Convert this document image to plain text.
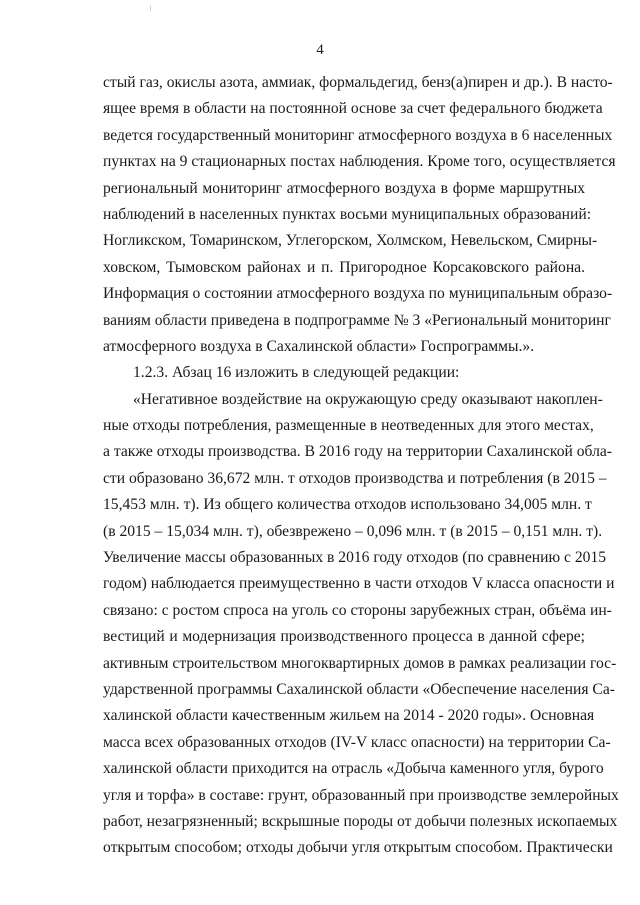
4
стый газ, окислы азота, аммиак, формальдегид, бенз(а)пирен и др.). В насто-
ящее время в области на постоянной основе за счет федерального бюджета
ведется государственный мониторинг атмосферного воздуха в 6 населенных
пунктах на 9 стационарных постах наблюдения. Кроме того, осуществляется
региональный мониторинг атмосферного воздуха в форме маршрутных
наблюдений в населенных пунктах восьми муниципальных образований:
Ногликском, Томаринском, Углегорском, Холмском, Невельском, Смирны-
ховском, Тымовском районах и п. Пригородное Корсаковского района.
Информация о состоянии атмосферного воздуха по муниципальным образо-
ваниям области приведена в подпрограмме № 3 «Региональный мониторинг
атмосферного воздуха в Сахалинской области» Госпрограммы.».
1.2.3. Абзац 16 изложить в следующей редакции:
«Негативное воздействие на окружающую среду оказывают накоплен-
ные отходы потребления, размещенные в неотведенных для этого местах,
а также отходы производства. В 2016 году на территории Сахалинской обла-
сти образовано 36,672 млн. т отходов производства и потребления (в 2015 –
15,453 млн. т). Из общего количества отходов использовано 34,005 млн. т
(в 2015 – 15,034 млн. т), обезврежено – 0,096 млн. т (в 2015 – 0,151 млн. т).
Увеличение массы образованных в 2016 году отходов (по сравнению с 2015
годом) наблюдается преимущественно в части отходов V класса опасности и
связано: с ростом спроса на уголь со стороны зарубежных стран, объёма ин-
вестиций и модернизация производственного процесса в данной сфере;
активным строительством многоквартирных домов в рамках реализации гос-
ударственной программы Сахалинской области «Обеспечение населения Са-
халинской области качественным жильем на 2014 - 2020 годы». Основная
масса всех образованных отходов (IV-V класс опасности) на территории Са-
халинской области приходится на отрасль «Добыча каменного угля, бурого
угля и торфа» в составе: грунт, образованный при производстве землеройных
работ, незагрязненный; вскрышные породы от добычи полезных ископаемых
открытым способом; отходы добычи угля открытым способом. Практически
